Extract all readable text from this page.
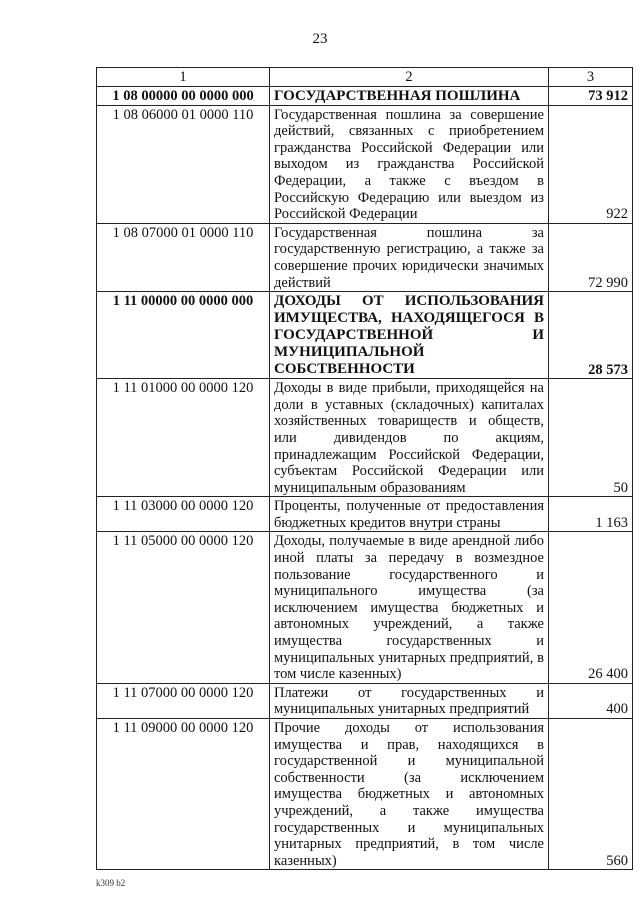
23
1	2	3
1 08 00000 00 0000 000	ГОСУДАРСТВЕННАЯ ПОШЛИНА	73 912
1 08 06000 01 0000 110	Государственная пошлина за совершение действий, связанных с приобретением гражданства Российской Федерации или выходом из гражданства Российской Федерации, а также с въездом в Российскую Федерацию или выездом из Российской Федерации	922
1 08 07000 01 0000 110	Государственная пошлина за государственную регистрацию, а также за совершение прочих юридически значимых действий	72 990
1 11 00000 00 0000 000	ДОХОДЫ ОТ ИСПОЛЬЗОВАНИЯ ИМУЩЕСТВА, НАХОДЯЩЕГОСЯ В ГОСУДАРСТВЕННОЙ И МУНИЦИПАЛЬНОЙ СОБСТВЕННОСТИ	28 573
1 11 01000 00 0000 120	Доходы в виде прибыли, приходящейся на доли в уставных (складочных) капиталах хозяйственных товариществ и обществ, или дивидендов по акциям, принадлежащим Российской Федерации, субъектам Российской Федерации или муниципальным образованиям	50
1 11 03000 00 0000 120	Проценты, полученные от предоставления бюджетных кредитов внутри страны	1 163
1 11 05000 00 0000 120	Доходы, получаемые в виде арендной либо иной платы за передачу в возмездное пользование государственного и муниципального имущества (за исключением имущества бюджетных и автономных учреждений, а также имущества государственных и муниципальных унитарных предприятий, в том числе казенных)	26 400
1 11 07000 00 0000 120	Платежи от государственных и муниципальных унитарных предприятий	400
1 11 09000 00 0000 120	Прочие доходы от использования имущества и прав, находящихся в государственной и муниципальной собственности (за исключением имущества бюджетных и автономных учреждений, а также имущества государственных и муниципальных унитарных предприятий, в том числе казенных)	560
k309 b2
